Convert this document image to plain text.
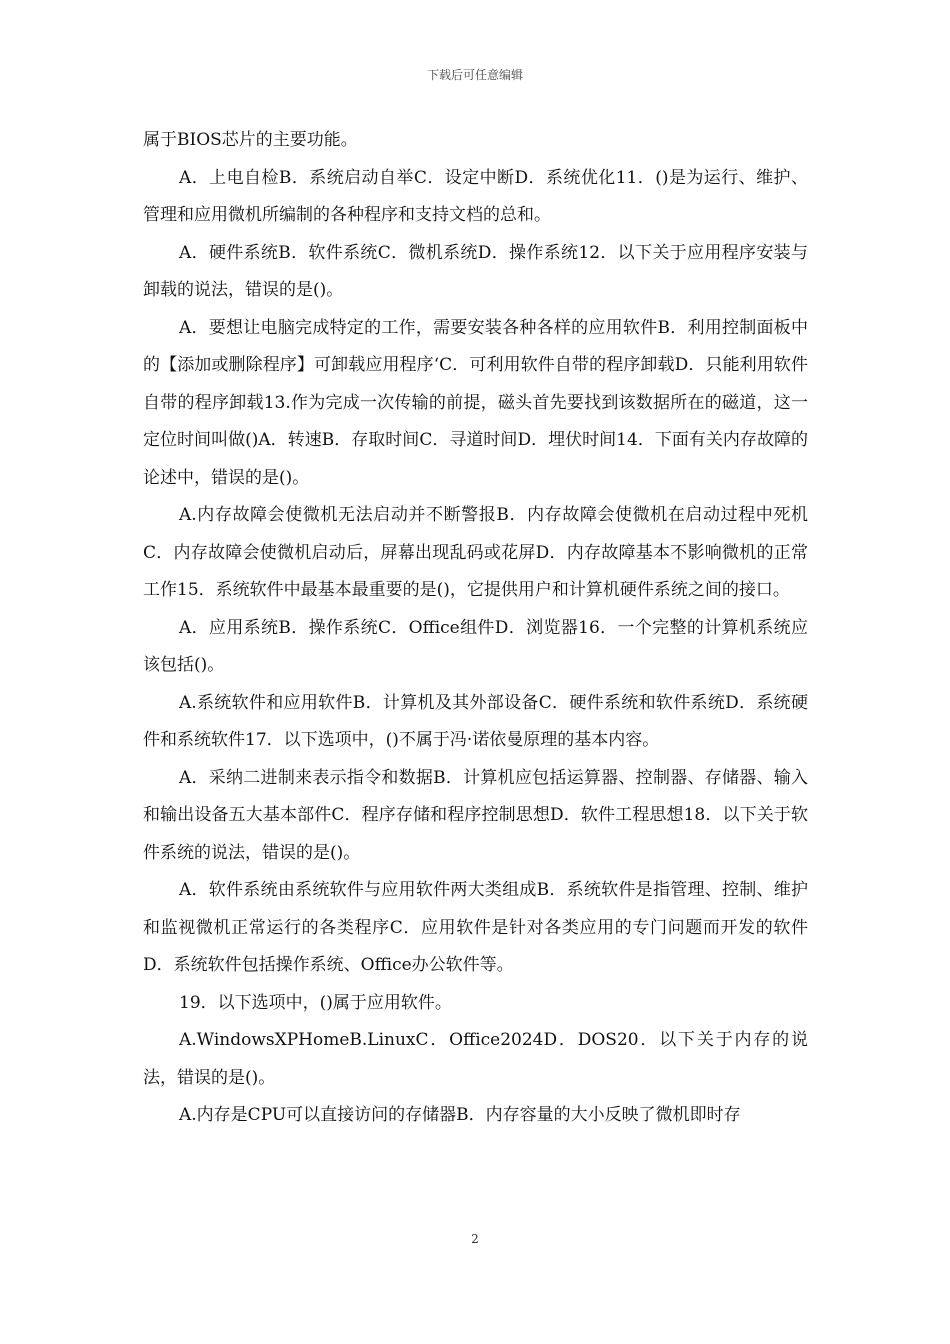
下载后可任意编辑

属于BIOS芯片的主要功能。

A．上电自检B．系统启动自举C．设定中断D．系统优化11．()是为运行、维护、管理和应用微机所编制的各种程序和支持文档的总和。

A．硬件系统B．软件系统C．微机系统D．操作系统12．以下关于应用程序安装与卸载的说法，错误的是()。

A．要想让电脑完成特定的工作，需要安装各种各样的应用软件B．利用控制面板中的【添加或删除程序】可卸载应用程序‘C．可利用软件自带的程序卸载D．只能利用软件自带的程序卸载13.作为完成一次传输的前提，磁头首先要找到该数据所在的磁道，这一定位时间叫做()A．转速B．存取时间C．寻道时间D．埋伏时间14．下面有关内存故障的论述中，错误的是()。

A.内存故障会使微机无法启动并不断警报B．内存故障会使微机在启动过程中死机C．内存故障会使微机启动后，屏幕出现乱码或花屏D．内存故障基本不影响微机的正常工作15．系统软件中最基本最重要的是()，它提供用户和计算机硬件系统之间的接口。

A．应用系统B．操作系统C．Office组件D．浏览器16．一个完整的计算机系统应该包括()。

A.系统软件和应用软件B．计算机及其外部设备C．硬件系统和软件系统D．系统硬件和系统软件17．以下选项中，()不属于冯·诺依曼原理的基本内容。

A．采纳二进制来表示指令和数据B．计算机应包括运算器、控制器、存储器、输入和输出设备五大基本部件C．程序存储和程序控制思想D．软件工程思想18．以下关于软件系统的说法，错误的是()。

A．软件系统由系统软件与应用软件两大类组成B．系统软件是指管理、控制、维护和监视微机正常运行的各类程序C．应用软件是针对各类应用的专门问题而开发的软件D．系统软件包括操作系统、Office办公软件等。

19．以下选项中，()属于应用软件。

A.WindowsXPHomeB.LinuxC．Office2024D．DOS20．以下关于内存的说法，错误的是()。

A.内存是CPU可以直接访问的存储器B．内存容量的大小反映了微机即时存

2
